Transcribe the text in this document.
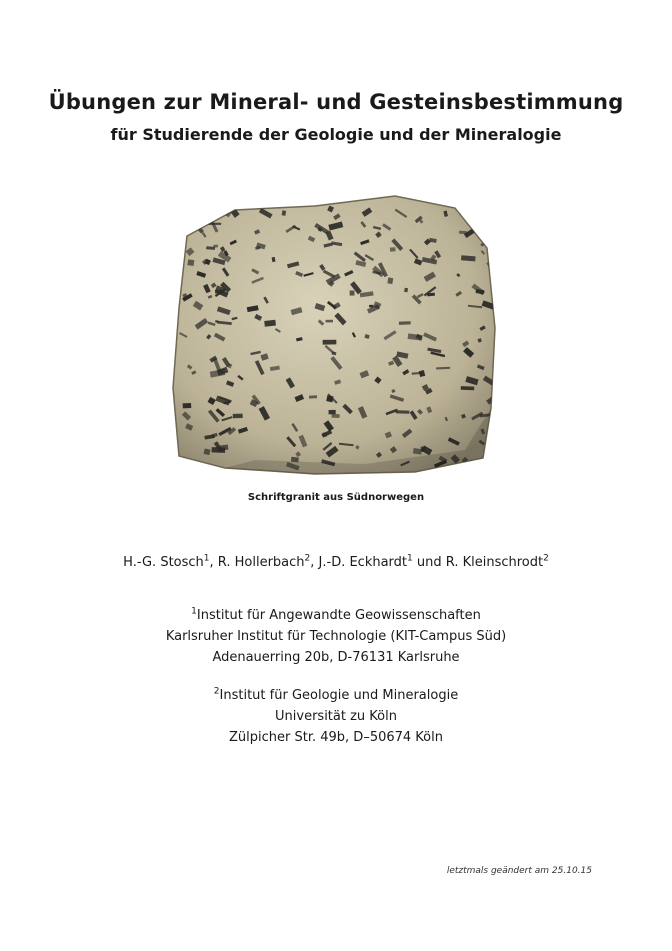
Übungen zur Mineral- und Gesteinsbestimmung
für Studierende der Geologie und der Mineralogie

Schriftgranit aus Südnorwegen

H.-G. Stosch$^1$, R. Hollerbach$^2$, J.-D. Eckhardt$^1$ und R. Kleinschrodt$^2$

$^1$Institut für Angewandte Geowissenschaften
Karlsruher Institut für Technologie (KIT-Campus Süd)
Adenauerring 20b, D-76131 Karlsruhe
$^2$Institut für Geologie und Mineralogie
Universität zu Köln
Zülpicher Str. 49b, D–50674 Köln

letztmals geändert am 25.10.15
